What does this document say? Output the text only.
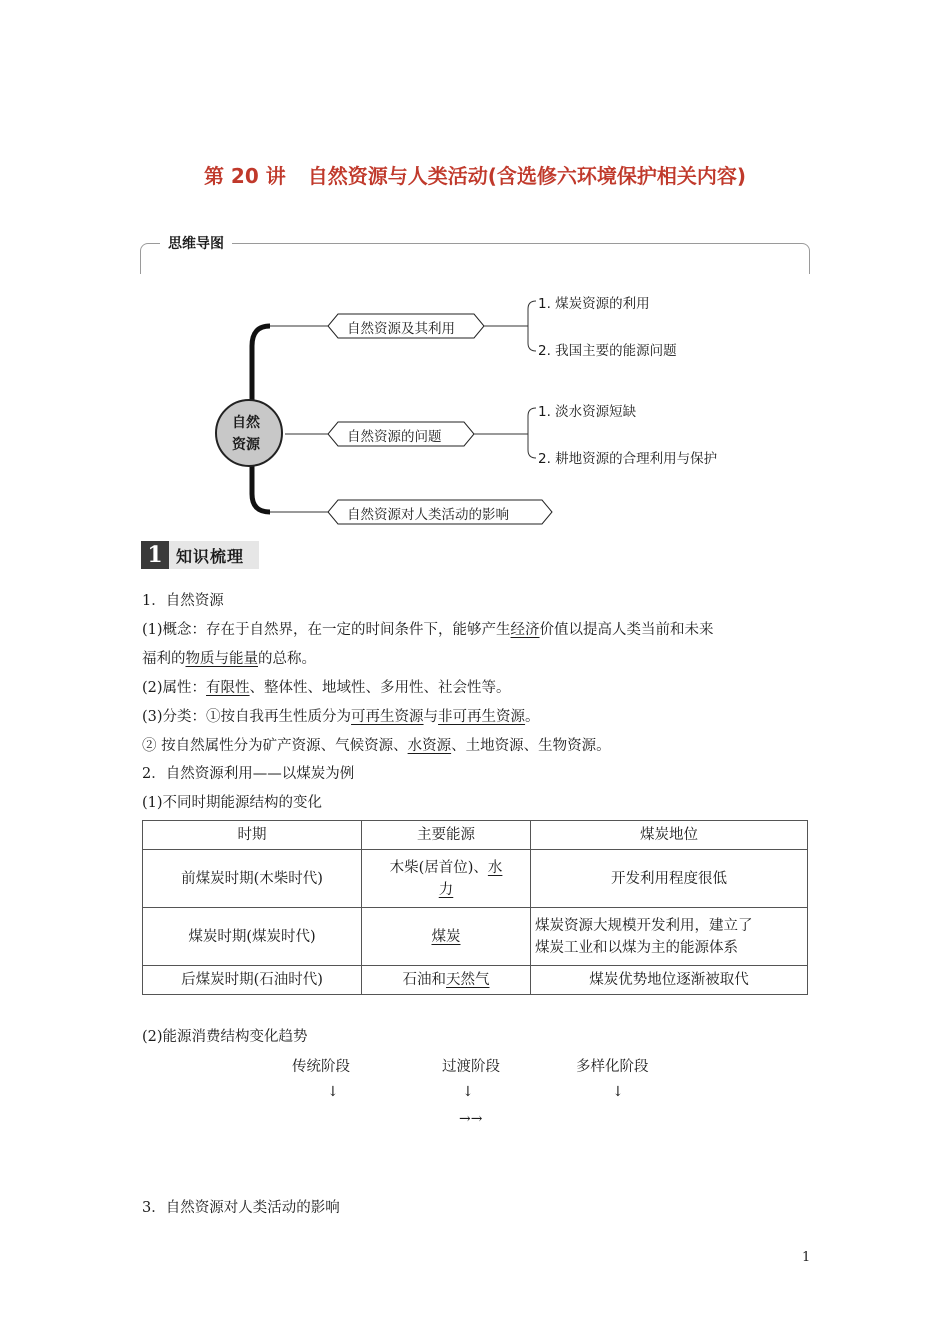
第 20 讲 自然资源与人类活动(含选修六环境保护相关内容)
思维导图
自然
资源
自然资源及其利用
自然资源的问题
自然资源对人类活动的影响
1. 煤炭资源的利用
2. 我国主要的能源问题
1. 淡水资源短缺
2. 耕地资源的合理利用与保护
1 知识梳理
1．自然资源
(1)概念：存在于自然界，在一定的时间条件下，能够产生经济价值以提高人类当前和未来
福利的物质与能量的总称。
(2)属性：有限性、整体性、地域性、多用性、社会性等。
(3)分类：①按自我再生性质分为可再生资源与非可再生资源。
② 按自然属性分为矿产资源、气候资源、水资源、土地资源、生物资源。
2．自然资源利用——以煤炭为例
(1)不同时期能源结构的变化
时期	主要能源	煤炭地位
前煤炭时期(木柴时代)	木柴(居首位)、水
力	开发利用程度很低
煤炭时期(煤炭时代)	煤炭	煤炭资源大规模开发利用，建立了
煤炭工业和以煤为主的能源体系
后煤炭时期(石油时代)	石油和天然气	煤炭优势地位逐渐被取代
(2)能源消费结构变化趋势
传统阶段	过渡阶段	多样化阶段
↓	↓	↓
→→
3．自然资源对人类活动的影响
1
